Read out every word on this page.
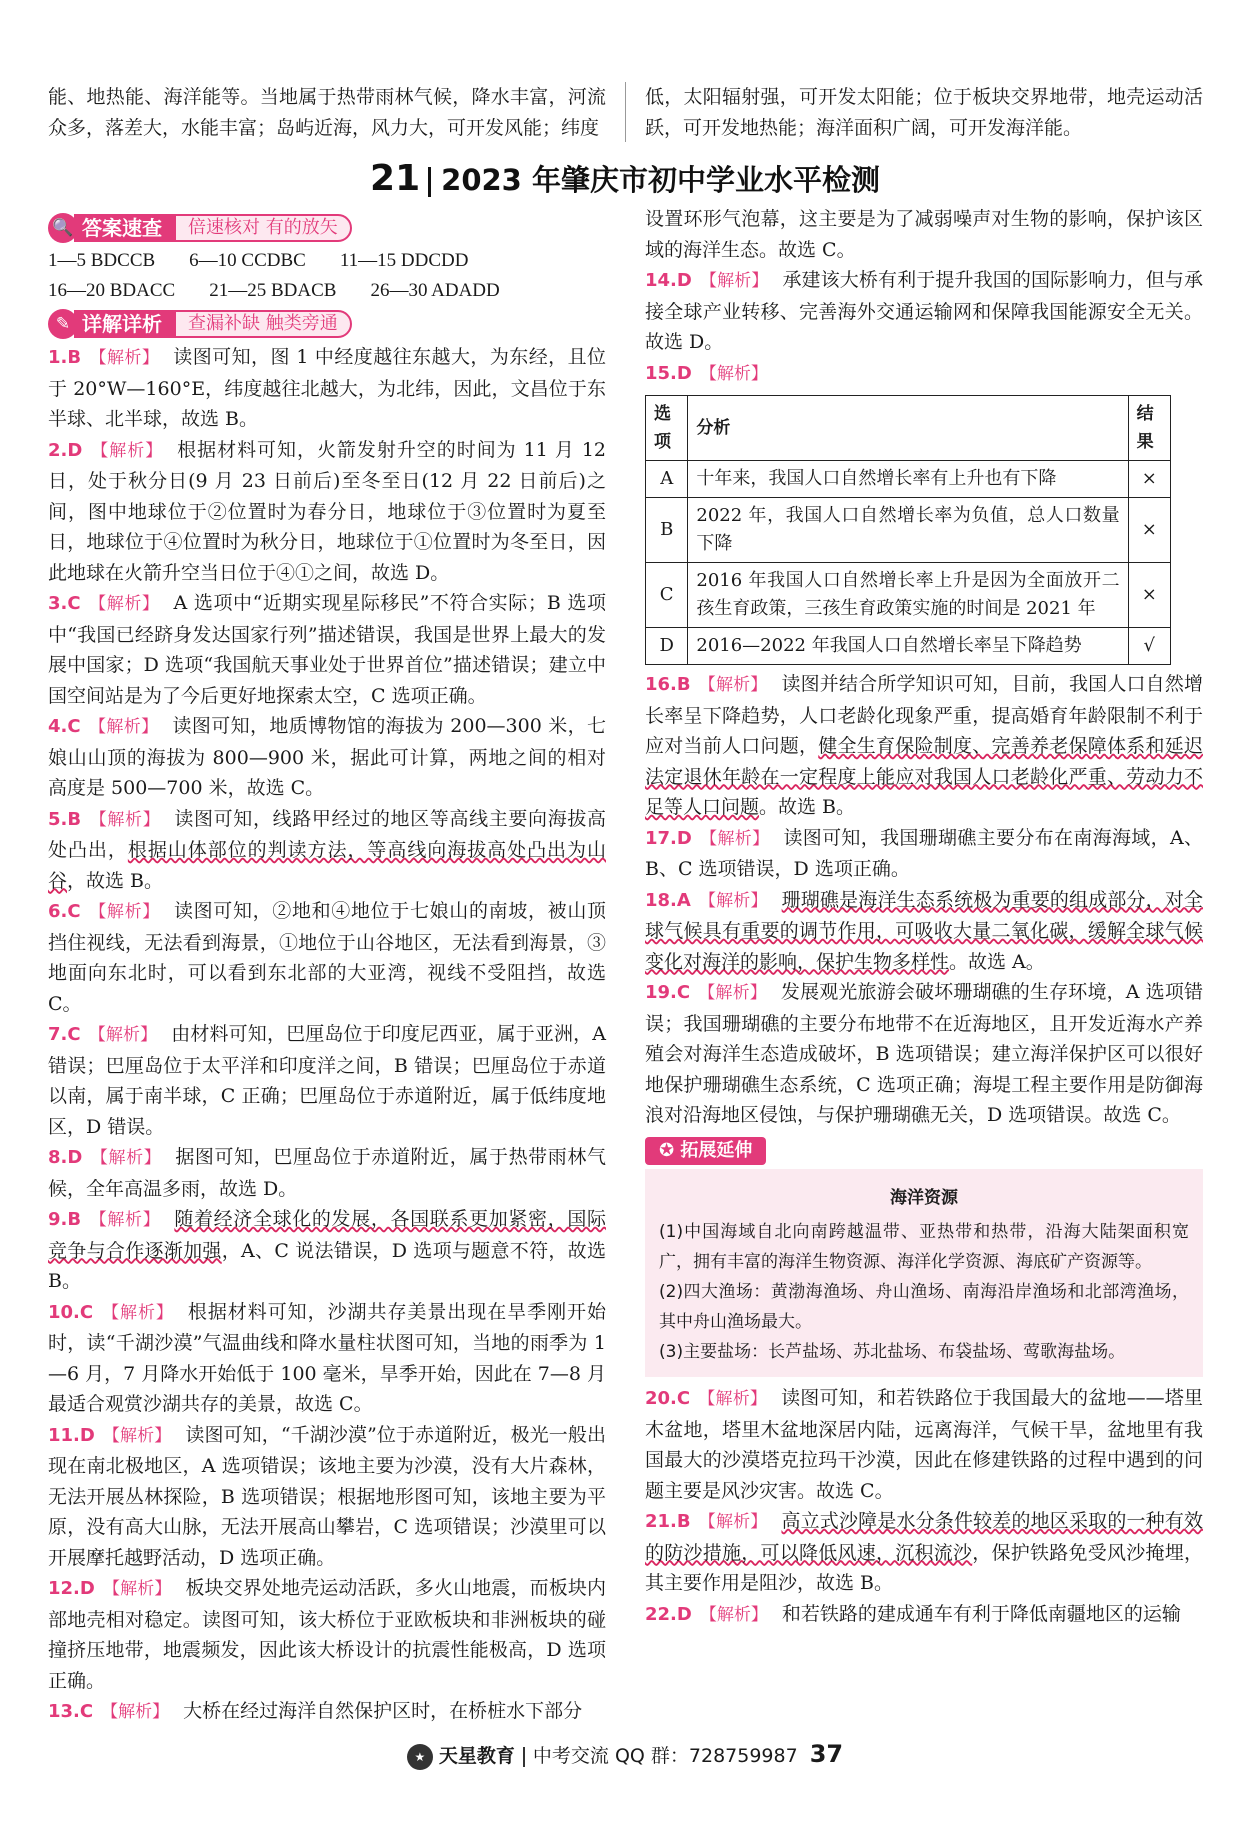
能、地热能、海洋能等。当地属于热带雨林气候，降水丰富，河流众多，落差大，水能丰富；岛屿近海，风力大，可开发风能；纬度

低，太阳辐射强，可开发太阳能；位于板块交界地带，地壳运动活跃，可开发地热能；海洋面积广阔，可开发海洋能。

21 2023 年肇庆市初中学业水平检测
🔍 答案速查	倍速核对 有的放矢
1—5 BDCCB 6—10 CCDBC 11—15 DDCDD
16—20 BDACC 21—25 BDACB 26—30 ADADD
✎ 详解详析	查漏补缺 触类旁通

1.B 【解析】 读图可知，图 1 中经度越往东越大，为东经，且位于 20°W—160°E，纬度越往北越大，为北纬，因此，文昌位于东半球、北半球，故选 B。

2.D 【解析】 根据材料可知，火箭发射升空的时间为 11 月 12 日，处于秋分日(9 月 23 日前后)至冬至日(12 月 22 日前后)之间，图中地球位于②位置时为春分日，地球位于③位置时为夏至日，地球位于④位置时为秋分日，地球位于①位置时为冬至日，因此地球在火箭升空当日位于④①之间，故选 D。

3.C 【解析】 A 选项中“近期实现星际移民”不符合实际；B 选项中“我国已经跻身发达国家行列”描述错误，我国是世界上最大的发展中国家；D 选项“我国航天事业处于世界首位”描述错误；建立中国空间站是为了今后更好地探索太空，C 选项正确。

4.C 【解析】 读图可知，地质博物馆的海拔为 200—300 米，七娘山山顶的海拔为 800—900 米，据此可计算，两地之间的相对高度是 500—700 米，故选 C。

5.B 【解析】 读图可知，线路甲经过的地区等高线主要向海拔高处凸出，根据山体部位的判读方法，等高线向海拔高处凸出为山谷，故选 B。

6.C 【解析】 读图可知，②地和④地位于七娘山的南坡，被山顶挡住视线，无法看到海景，①地位于山谷地区，无法看到海景，③地面向东北时，可以看到东北部的大亚湾，视线不受阻挡，故选 C。

7.C 【解析】 由材料可知，巴厘岛位于印度尼西亚，属于亚洲，A 错误；巴厘岛位于太平洋和印度洋之间，B 错误；巴厘岛位于赤道以南，属于南半球，C 正确；巴厘岛位于赤道附近，属于低纬度地区，D 错误。

8.D 【解析】 据图可知，巴厘岛位于赤道附近，属于热带雨林气候，全年高温多雨，故选 D。

9.B 【解析】 随着经济全球化的发展，各国联系更加紧密，国际竞争与合作逐渐加强，A、C 说法错误，D 选项与题意不符，故选 B。

10.C 【解析】 根据材料可知，沙湖共存美景出现在旱季刚开始时，读“千湖沙漠”气温曲线和降水量柱状图可知，当地的雨季为 1—6 月，7 月降水开始低于 100 毫米，旱季开始，因此在 7—8 月最适合观赏沙湖共存的美景，故选 C。

11.D 【解析】 读图可知，“千湖沙漠”位于赤道附近，极光一般出现在南北极地区，A 选项错误；该地主要为沙漠，没有大片森林，无法开展丛林探险，B 选项错误；根据地形图可知，该地主要为平原，没有高大山脉，无法开展高山攀岩，C 选项错误；沙漠里可以开展摩托越野活动，D 选项正确。

12.D 【解析】 板块交界处地壳运动活跃，多火山地震，而板块内部地壳相对稳定。读图可知，该大桥位于亚欧板块和非洲板块的碰撞挤压地带，地震频发，因此该大桥设计的抗震性能极高，D 选项正确。

13.C 【解析】 大桥在经过海洋自然保护区时，在桥桩水下部分

设置环形气泡幕，这主要是为了减弱噪声对生物的影响，保护该区域的海洋生态。故选 C。

14.D 【解析】 承建该大桥有利于提升我国的国际影响力，但与承接全球产业转移、完善海外交通运输网和保障我国能源安全无关。故选 D。

15.D 【解析】

选项	分析	结果
A	十年来，我国人口自然增长率有上升也有下降	×
B	2022 年，我国人口自然增长率为负值，总人口数量下降	×
C	2016 年我国人口自然增长率上升是因为全面放开二孩生育政策，三孩生育政策实施的时间是 2021 年	×
D	2016—2022 年我国人口自然增长率呈下降趋势	√

16.B 【解析】 读图并结合所学知识可知，目前，我国人口自然增长率呈下降趋势，人口老龄化现象严重，提高婚育年龄限制不利于应对当前人口问题，健全生育保险制度、完善养老保障体系和延迟法定退休年龄在一定程度上能应对我国人口老龄化严重、劳动力不足等人口问题。故选 B。

17.D 【解析】 读图可知，我国珊瑚礁主要分布在南海海域，A、B、C 选项错误，D 选项正确。

18.A 【解析】 珊瑚礁是海洋生态系统极为重要的组成部分，对全球气候具有重要的调节作用，可吸收大量二氧化碳，缓解全球气候变化对海洋的影响，保护生物多样性。故选 A。

19.C 【解析】 发展观光旅游会破坏珊瑚礁的生存环境，A 选项错误；我国珊瑚礁的主要分布地带不在近海地区，且开发近海水产养殖会对海洋生态造成破坏，B 选项错误；建立海洋保护区可以很好地保护珊瑚礁生态系统，C 选项正确；海堤工程主要作用是防御海浪对沿海地区侵蚀，与保护珊瑚礁无关，D 选项错误。故选 C。

✪ 拓展延伸
海洋资源
(1)中国海域自北向南跨越温带、亚热带和热带，沿海大陆架面积宽广，拥有丰富的海洋生物资源、海洋化学资源、海底矿产资源等。
(2)四大渔场：黄渤海渔场、舟山渔场、南海沿岸渔场和北部湾渔场，其中舟山渔场最大。
(3)主要盐场：长芦盐场、苏北盐场、布袋盐场、莺歌海盐场。

20.C 【解析】 读图可知，和若铁路位于我国最大的盆地——塔里木盆地，塔里木盆地深居内陆，远离海洋，气候干旱，盆地里有我国最大的沙漠塔克拉玛干沙漠，因此在修建铁路的过程中遇到的问题主要是风沙灾害。故选 C。

21.B 【解析】 高立式沙障是水分条件较差的地区采取的一种有效的防沙措施，可以降低风速，沉积流沙，保护铁路免受风沙掩埋，其主要作用是阻沙，故选 B。

22.D 【解析】 和若铁路的建成通车有利于降低南疆地区的运输

★ 天星教育 中考交流 QQ 群：728759987 37
